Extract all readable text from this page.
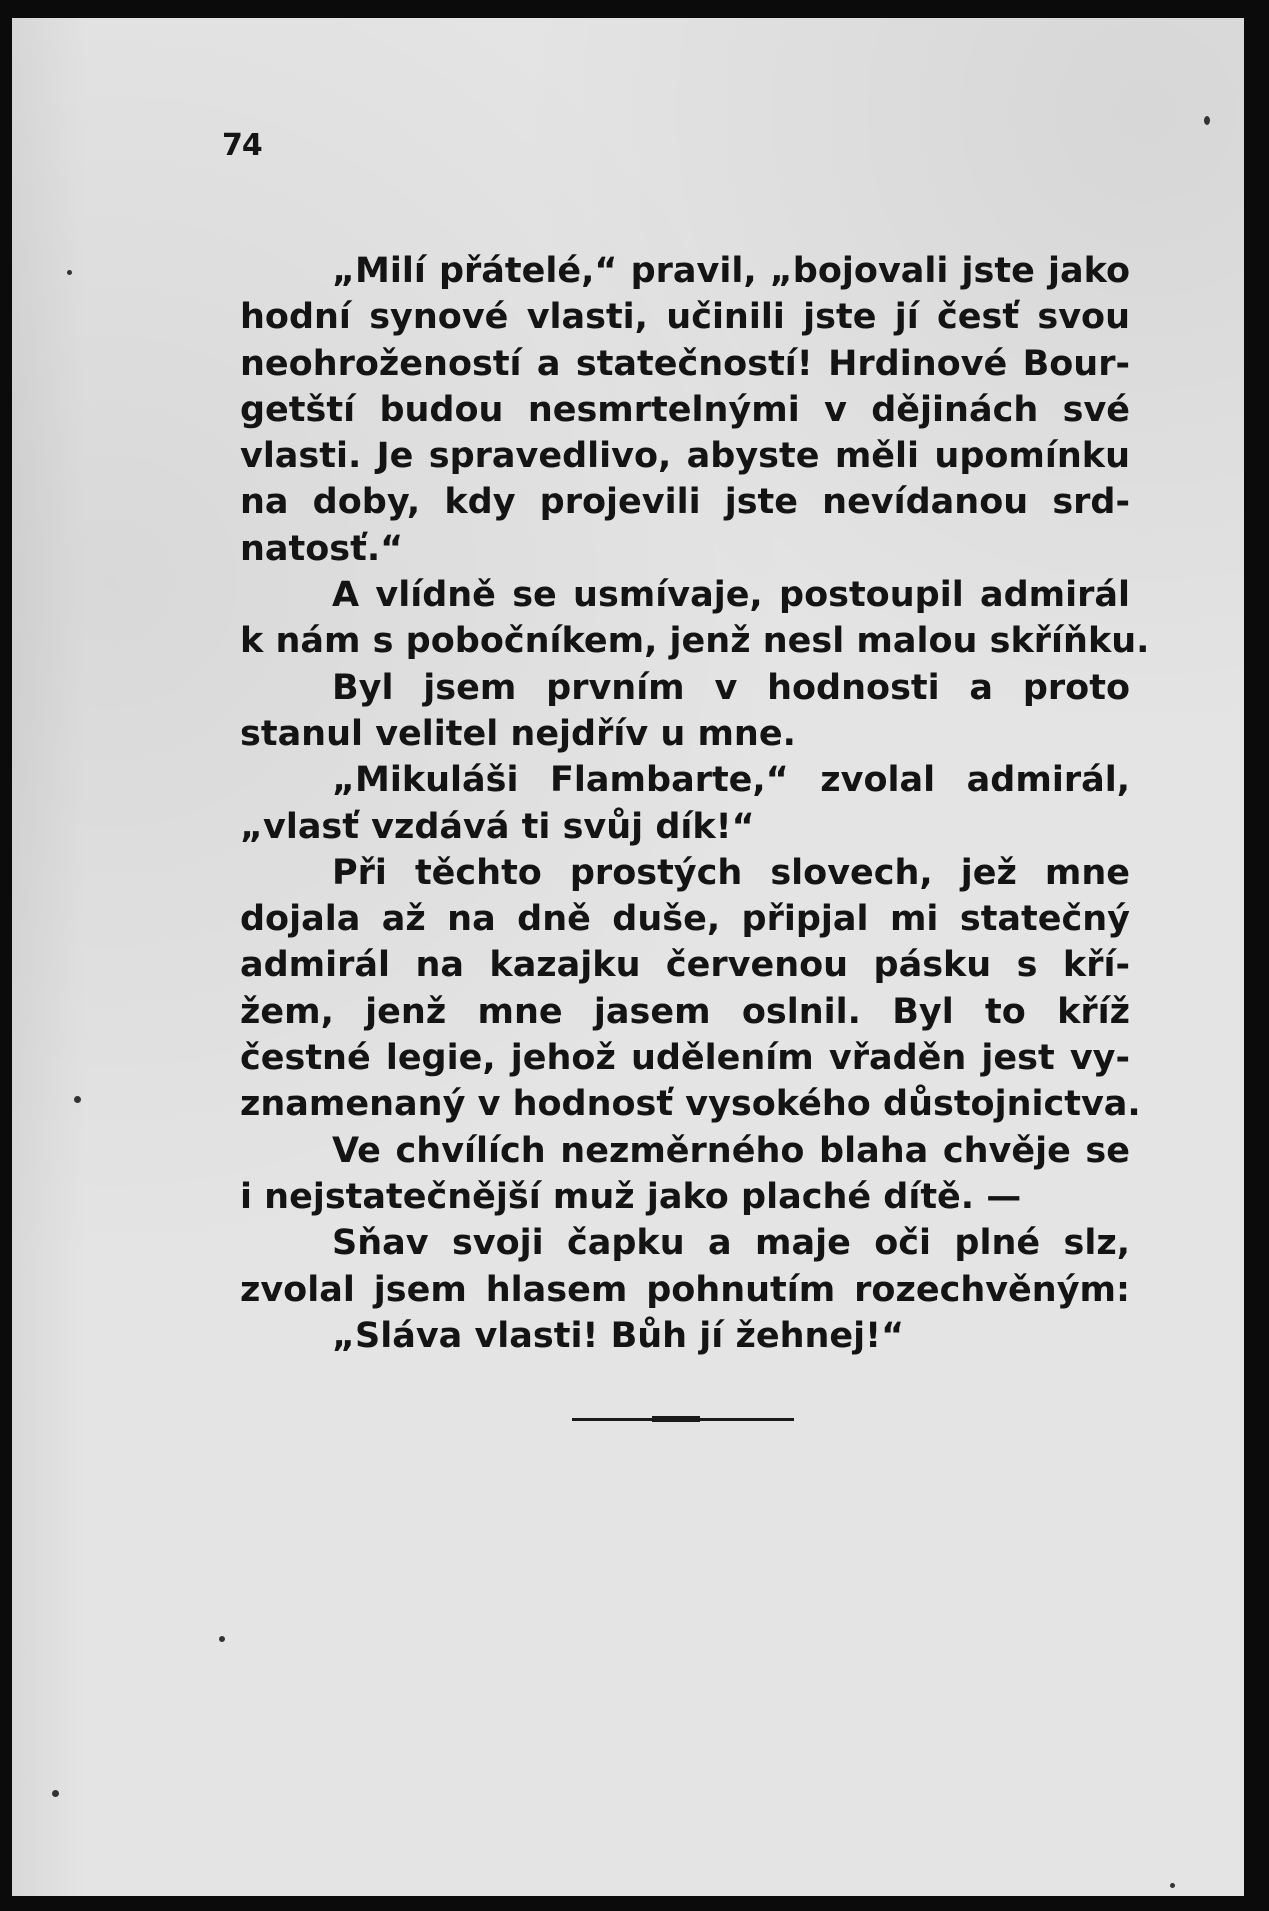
74
„Milí přátelé,“ pravil, „bojovali jste jako
hodní synové vlasti, učinili jste jí česť svou
neohrožeností a statečností! Hrdinové Bour-
getští budou nesmrtelnými v dějinách své
vlasti. Je spravedlivo, abyste měli upomínku
na doby, kdy projevili jste nevídanou srd-
natosť.“
A vlídně se usmívaje, postoupil admirál
k nám s pobočníkem, jenž nesl malou skříňku.
Byl jsem prvním v hodnosti a proto
stanul velitel nejdřív u mne.
„Mikuláši Flambarte,“ zvolal admirál,
„vlasť vzdává ti svůj dík!“
Při těchto prostých slovech, jež mne
dojala až na dně duše, připjal mi statečný
admirál na kazajku červenou pásku s kří-
žem, jenž mne jasem oslnil. Byl to kříž
čestné legie, jehož udělením vřaděn jest vy-
znamenaný v hodnosť vysokého důstojnictva.
Ve chvílích nezměrného blaha chvěje se
i nejstatečnější muž jako plaché dítě. —
Sňav svoji čapku a maje oči plné slz,
zvolal jsem hlasem pohnutím rozechvěným:
„Sláva vlasti! Bůh jí žehnej!“
